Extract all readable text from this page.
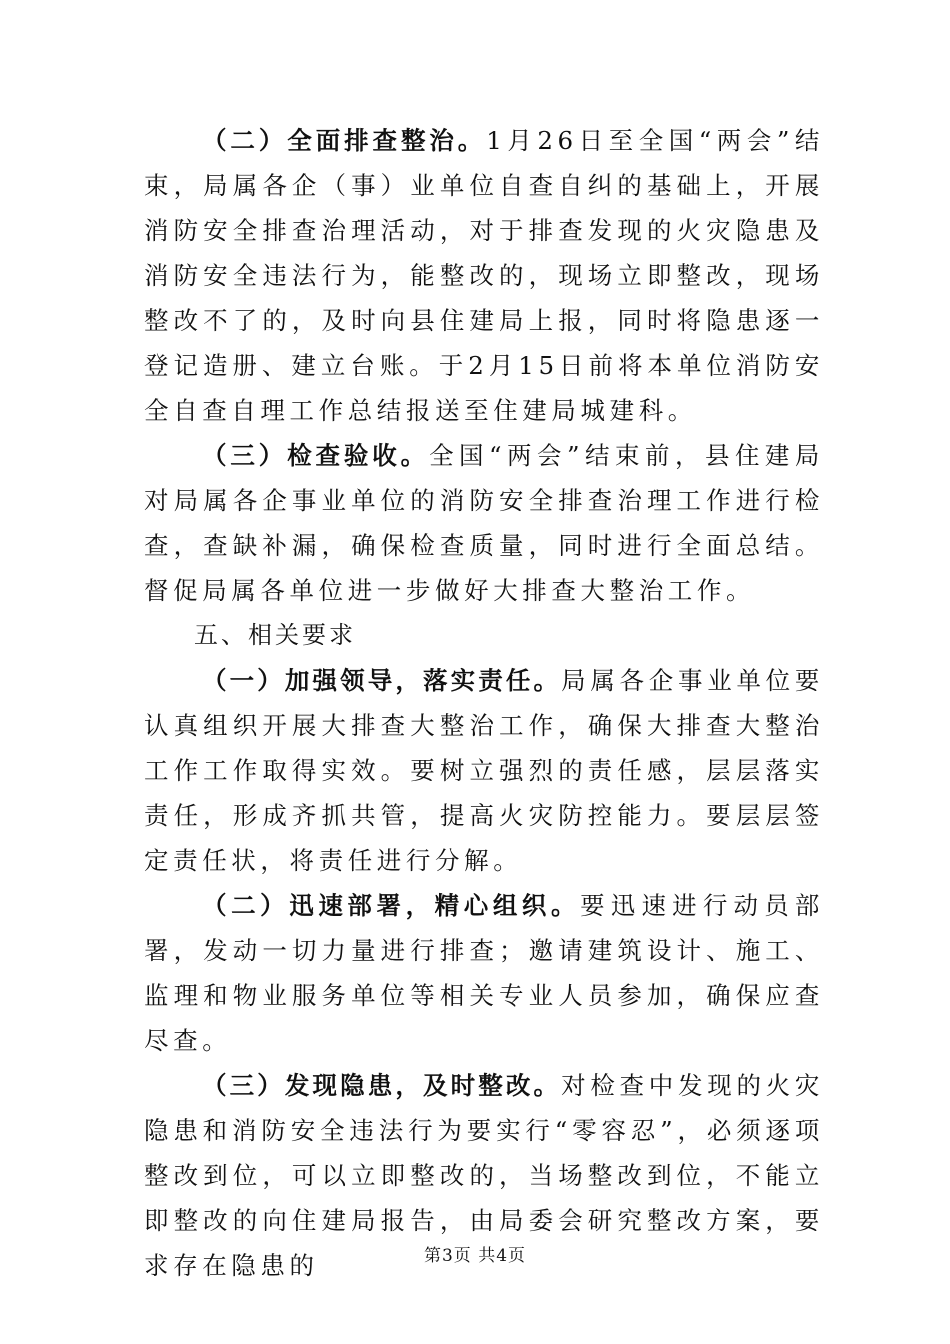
（二）全面排查整治。1月26日至全国“两会”结束，局属各企（事）业单位自查自纠的基础上，开展消防安全排查治理活动，对于排查发现的火灾隐患及消防安全违法行为，能整改的，现场立即整改，现场整改不了的，及时向县住建局上报，同时将隐患逐一登记造册、建立台账。于2月15日前将本单位消防安全自查自理工作总结报送至住建局城建科。

（三）检查验收。全国“两会”结束前，县住建局对局属各企事业单位的消防安全排查治理工作进行检查，查缺补漏，确保检查质量，同时进行全面总结。督促局属各单位进一步做好大排查大整治工作。

五、相关要求

（一）加强领导，落实责任。局属各企事业单位要认真组织开展大排查大整治工作，确保大排查大整治工作工作取得实效。要树立强烈的责任感，层层落实责任，形成齐抓共管，提高火灾防控能力。要层层签定责任状，将责任进行分解。

（二）迅速部署，精心组织。要迅速进行动员部署，发动一切力量进行排查；邀请建筑设计、施工、监理和物业服务单位等相关专业人员参加，确保应查尽查。

（三）发现隐患，及时整改。对检查中发现的火灾隐患和消防安全违法行为要实行“零容忍”，必须逐项整改到位，可以立即整改的，当场整改到位，不能立即整改的向住建局报告，由局委会研究整改方案，要求存在隐患的	第3页 共4页
